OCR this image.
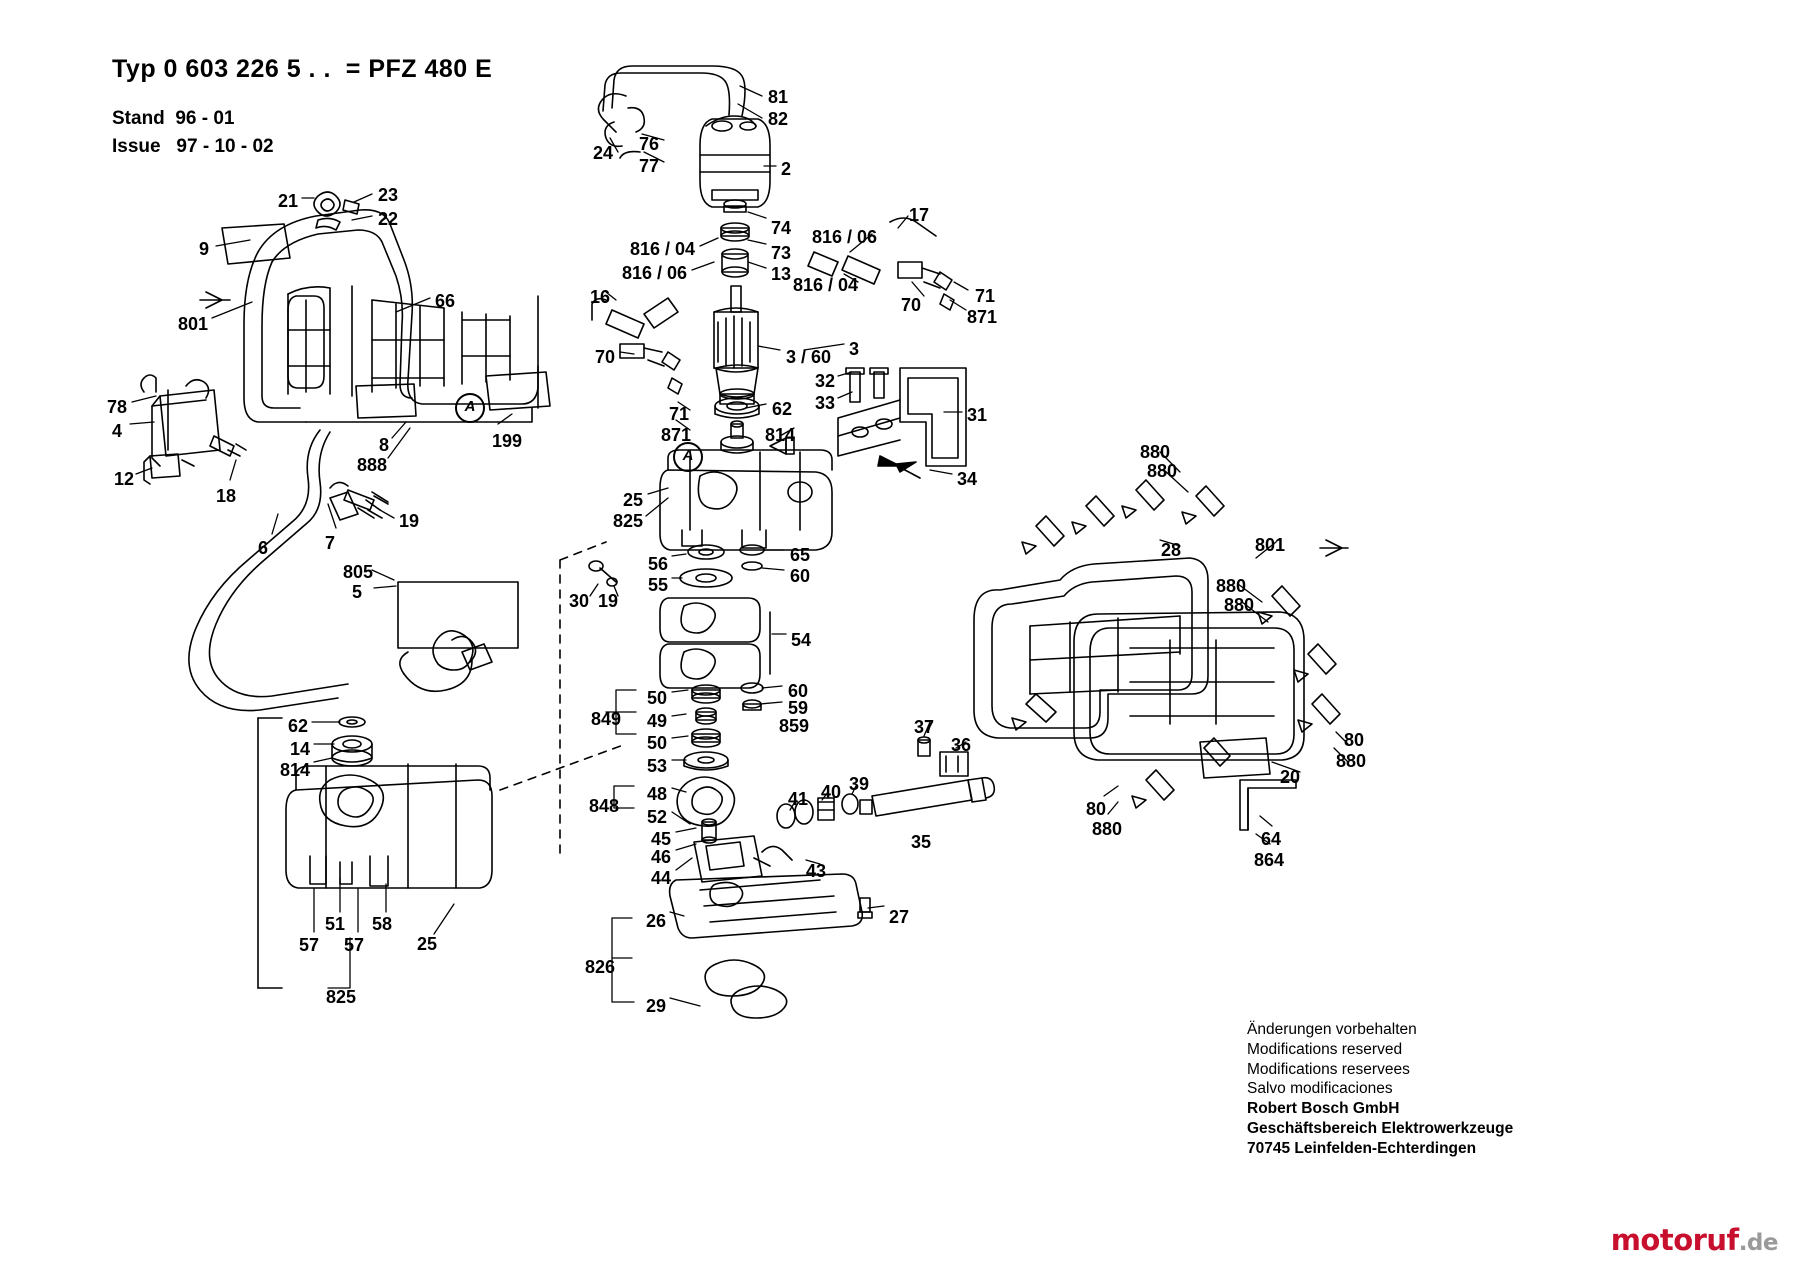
Typ 0 603 226 5 . .  = PFZ 480 E
Stand  96 - 01
Issue   97 - 10 - 02
Änderungen vorbehalten
Modifications reserved
Modifications reservees
Salvo modificaciones
Robert Bosch GmbH
Geschäftsbereich Elektrowerkzeuge
70745 Leinfelden-Echterdingen
motoruf.de
81
82
76
77
24
2
21	23
22
9
74
816 / 04	73
816 / 06	13
816 / 06
17
816 / 04
70	71
871
16
801
66
70	3 / 60 3
32
33
31
78
4
71
871
62
814
199
8
888
12
18
34
880
880
25
825
19
7
6	28	801
56	65
55	60
805
5	880
880
30 19
54
50	60
849 49
59
859
50
62
14
814	53
37
36	80
880
20
48
848
52
41 40 39
45
46
35
880
80
864
64
44	43
26	27
51 58
25
57 57
826
29
825
A
A
